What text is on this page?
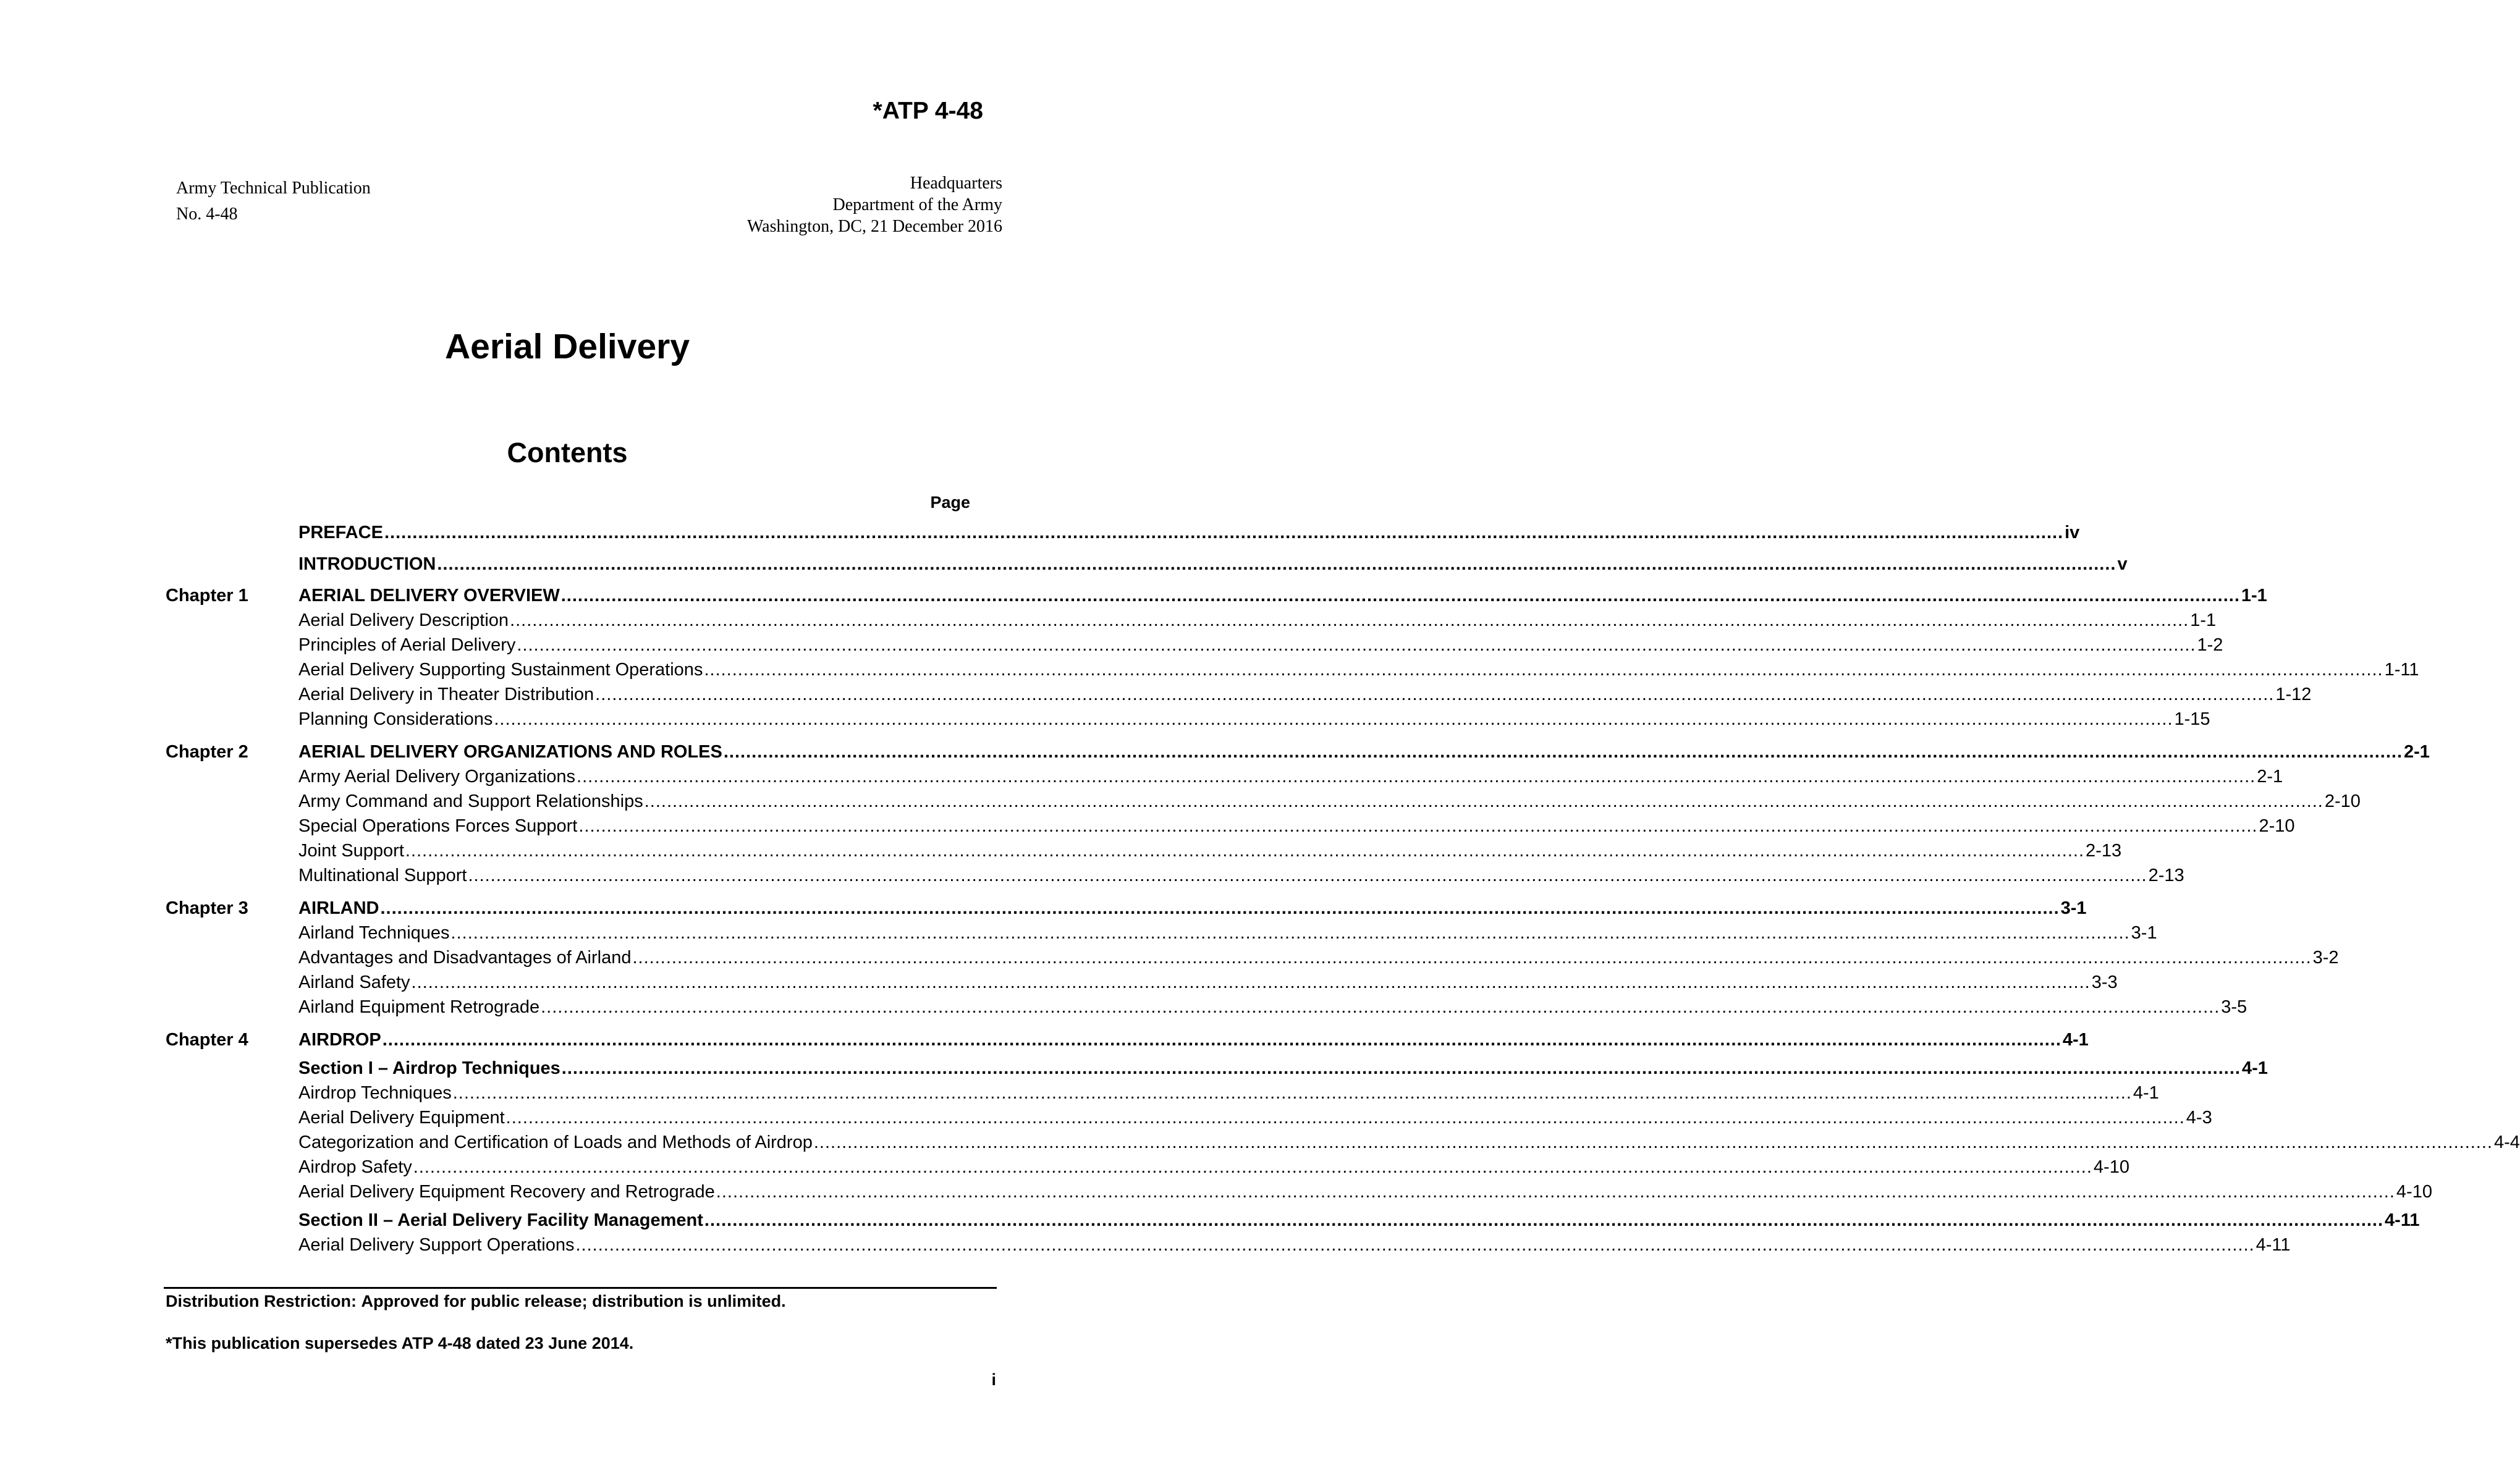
*ATP 4-48
Army Technical Publication
No. 4-48
Headquarters
Department of the Army
Washington, DC, 21 December 2016
Aerial Delivery
Contents
Page
PREFACE ............................................................................................................................................................................................................................................................................................................ iv
INTRODUCTION ............................................................................................................................................................................................................................................................................................................ v
Chapter 1	AERIAL DELIVERY OVERVIEW ............................................................................................................................................................................................................................................................................................................ 1-1
Aerial Delivery Description ............................................................................................................................................................................................................................................................................................................ 1-1
Principles of Aerial Delivery ............................................................................................................................................................................................................................................................................................................ 1-2
Aerial Delivery Supporting Sustainment Operations ............................................................................................................................................................................................................................................................................................................ 1-11
Aerial Delivery in Theater Distribution ............................................................................................................................................................................................................................................................................................................ 1-12
Planning Considerations ............................................................................................................................................................................................................................................................................................................ 1-15
Chapter 2	AERIAL DELIVERY ORGANIZATIONS AND ROLES ............................................................................................................................................................................................................................................................................................................ 2-1
Army Aerial Delivery Organizations ............................................................................................................................................................................................................................................................................................................ 2-1
Army Command and Support Relationships ............................................................................................................................................................................................................................................................................................................ 2-10
Special Operations Forces Support ............................................................................................................................................................................................................................................................................................................ 2-10
Joint Support ............................................................................................................................................................................................................................................................................................................ 2-13
Multinational Support ............................................................................................................................................................................................................................................................................................................ 2-13
Chapter 3	AIRLAND ............................................................................................................................................................................................................................................................................................................ 3-1
Airland Techniques ............................................................................................................................................................................................................................................................................................................ 3-1
Advantages and Disadvantages of Airland ............................................................................................................................................................................................................................................................................................................ 3-2
Airland Safety ............................................................................................................................................................................................................................................................................................................ 3-3
Airland Equipment Retrograde ............................................................................................................................................................................................................................................................................................................ 3-5
Chapter 4	AIRDROP ............................................................................................................................................................................................................................................................................................................ 4-1
Section I – Airdrop Techniques ............................................................................................................................................................................................................................................................................................................ 4-1
Airdrop Techniques ............................................................................................................................................................................................................................................................................................................ 4-1
Aerial Delivery Equipment ............................................................................................................................................................................................................................................................................................................ 4-3
Categorization and Certification of Loads and Methods of Airdrop ............................................................................................................................................................................................................................................................................................................ 4-4
Airdrop Safety ............................................................................................................................................................................................................................................................................................................ 4-10
Aerial Delivery Equipment Recovery and Retrograde ............................................................................................................................................................................................................................................................................................................ 4-10
Section II – Aerial Delivery Facility Management ............................................................................................................................................................................................................................................................................................................ 4-11
Aerial Delivery Support Operations ............................................................................................................................................................................................................................................................................................................ 4-11
Distribution Restriction: Approved for public release; distribution is unlimited.
*This publication supersedes ATP 4-48 dated 23 June 2014.
i
